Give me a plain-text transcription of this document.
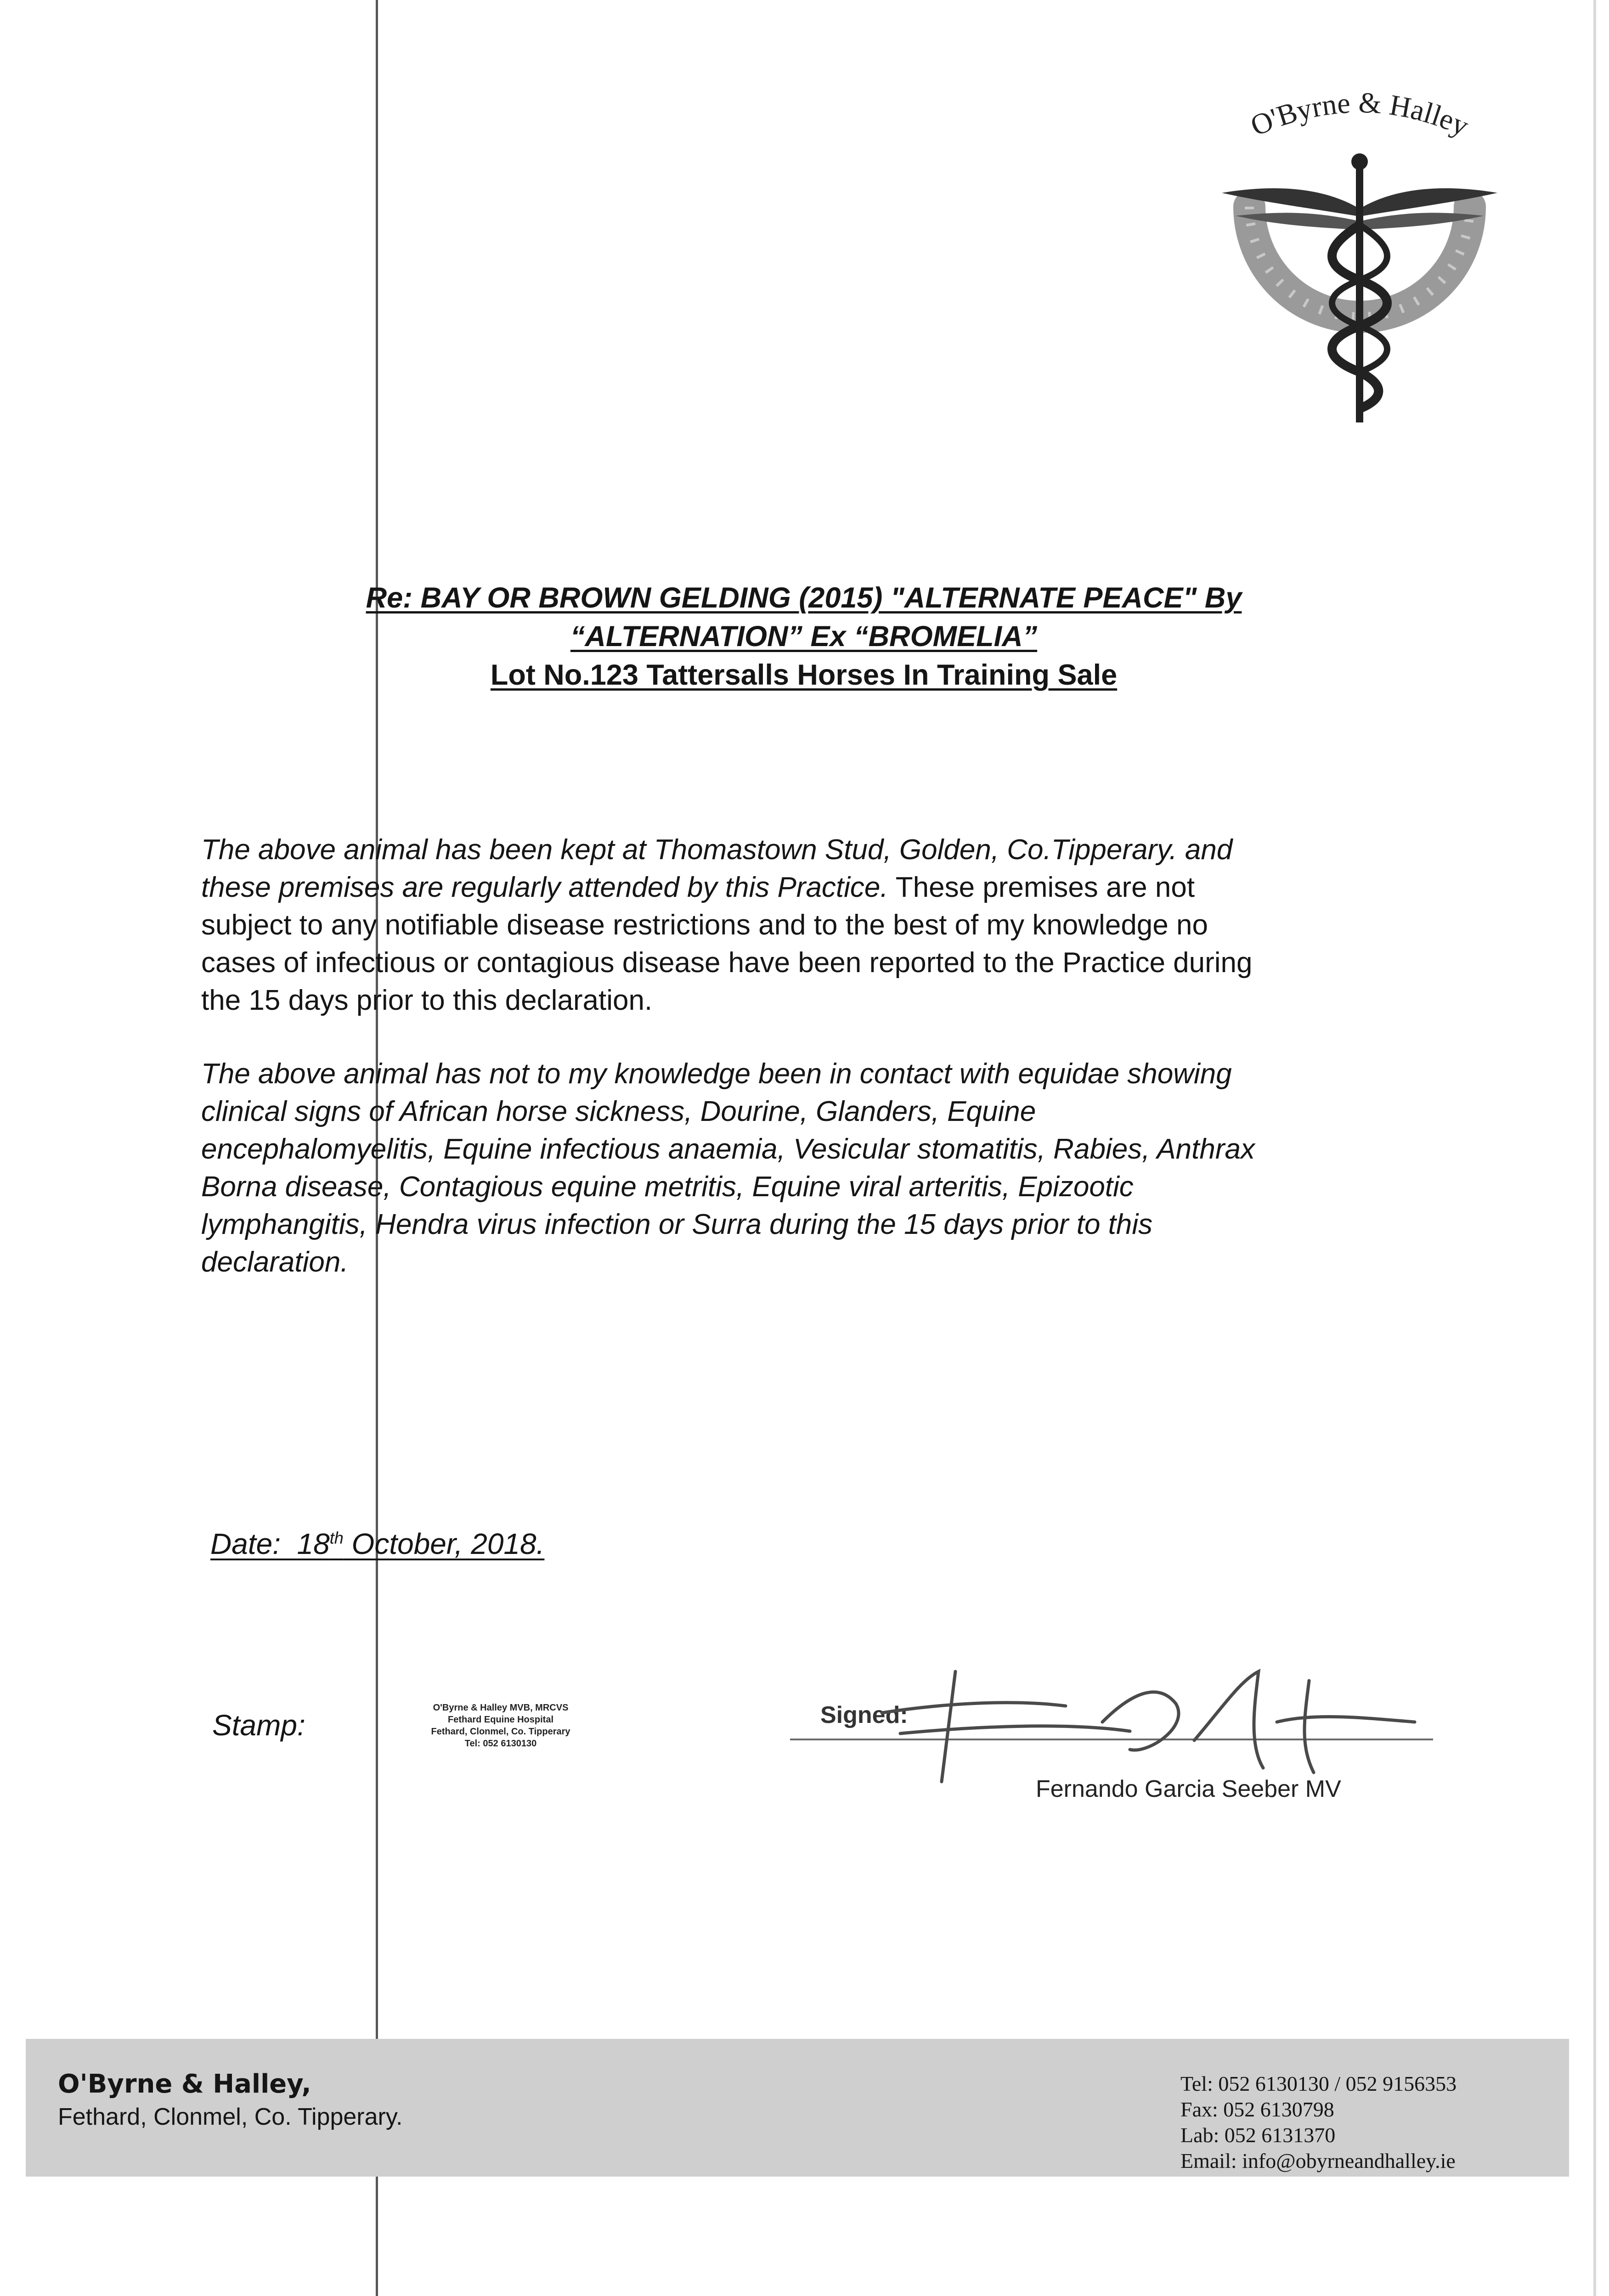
O'Byrne & Halley
Re: BAY OR BROWN GELDING (2015) "ALTERNATE PEACE" By
“ALTERNATION” Ex “BROMELIA”
Lot No.123 Tattersalls Horses In Training Sale
The above animal has been kept at Thomastown Stud, Golden, Co.Tipperary. and
these premises are regularly attended by this Practice. These premises are not
subject to any notifiable disease restrictions and to the best of my knowledge no
cases of infectious or contagious disease have been reported to the Practice during
the 15 days prior to this declaration.
The above animal has not to my knowledge been in contact with equidae showing
clinical signs of African horse sickness, Dourine, Glanders, Equine
encephalomyelitis, Equine infectious anaemia, Vesicular stomatitis, Rabies, Anthrax
Borna disease, Contagious equine metritis, Equine viral arteritis, Epizootic
lymphangitis, Hendra virus infection or Surra during the 15 days prior to this
declaration.
Date: 18th October, 2018.
Stamp:
O'Byrne & Halley MVB, MRCVS
Fethard Equine Hospital
Fethard, Clonmel, Co. Tipperary
Tel: 052 6130130
Signed:
Fernando Garcia Seeber MV
O'Byrne & Halley,
Fethard, Clonmel, Co. Tipperary.
Tel: 052 6130130 / 052 9156353
Fax: 052 6130798
Lab: 052 6131370
Email: info@obyrneandhalley.ie
